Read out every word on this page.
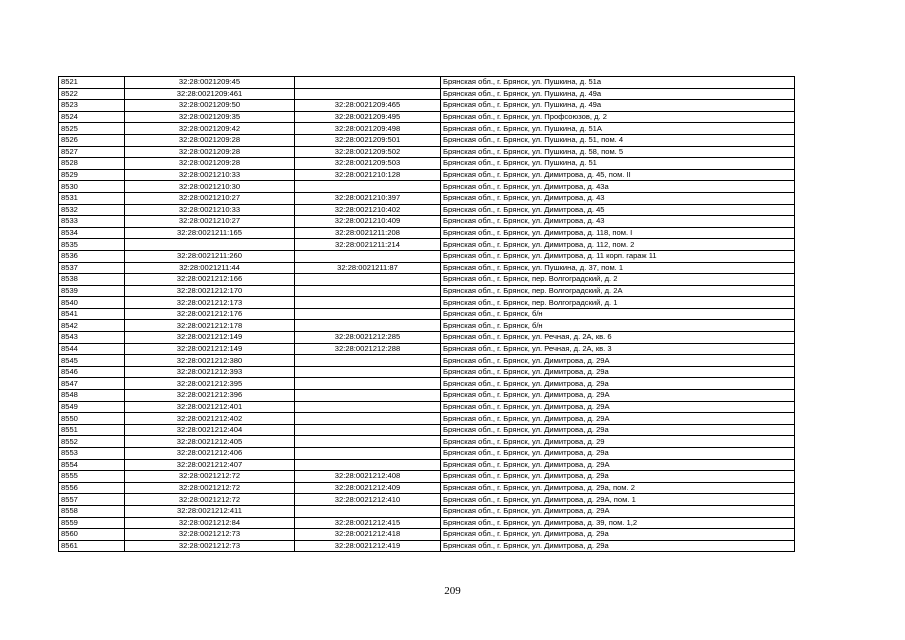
8521	32:28:0021209:45		Брянская обл., г. Брянск, ул. Пушкина, д. 51а
8522	32:28:0021209:461		Брянская обл., г. Брянск, ул. Пушкина, д. 49а
8523	32:28:0021209:50	32:28:0021209:465	Брянская обл., г. Брянск, ул. Пушкина, д. 49а
8524	32:28:0021209:35	32:28:0021209:495	Брянская обл., г. Брянск, ул. Профсоюзов, д. 2
8525	32:28:0021209:42	32:28:0021209:498	Брянская обл., г. Брянск, ул. Пушкина, д. 51А
8526	32:28:0021209:28	32:28:0021209:501	Брянская обл., г. Брянск, ул. Пушкина, д. 51, пом. 4
8527	32:28:0021209:28	32:28:0021209:502	Брянская обл., г. Брянск, ул. Пушкина, д. 58, пом. 5
8528	32:28:0021209:28	32:28:0021209:503	Брянская обл., г. Брянск, ул. Пушкина, д. 51
8529	32:28:0021210:33	32:28:0021210:128	Брянская обл., г. Брянск, ул. Димитрова, д. 45, пом. II
8530	32:28:0021210:30		Брянская обл., г. Брянск, ул. Димитрова, д. 43а
8531	32:28:0021210:27	32:28:0021210:397	Брянская обл., г. Брянск, ул. Димитрова, д. 43
8532	32:28:0021210:33	32:28:0021210:402	Брянская обл., г. Брянск, ул. Димитрова, д. 45
8533	32:28:0021210:27	32:28:0021210:409	Брянская обл., г. Брянск, ул. Димитрова, д. 43
8534	32:28:0021211:165	32:28:0021211:208	Брянская обл., г. Брянск, ул. Димитрова, д. 118, пом. I
8535		32:28:0021211:214	Брянская обл., г. Брянск, ул. Димитрова, д. 112, пом. 2
8536	32:28:0021211:260		Брянская обл., г. Брянск, ул. Димитрова, д. 11 корп. гараж 11
8537	32:28:0021211:44	32:28:0021211:87	Брянская обл., г. Брянск, ул. Пушкина, д. 37, пом. 1
8538	32:28:0021212:166		Брянская обл., г. Брянск, пер. Волгоградский, д. 2
8539	32:28:0021212:170		Брянская обл., г. Брянск, пер. Волгоградский, д. 2А
8540	32:28:0021212:173		Брянская обл., г. Брянск, пер. Волгоградский, д. 1
8541	32:28:0021212:176		Брянская обл., г. Брянск, б/н
8542	32:28:0021212:178		Брянская обл., г. Брянск, б/н
8543	32:28:0021212:149	32:28:0021212:285	Брянская обл., г. Брянск, ул. Речная, д. 2А, кв. 6
8544	32:28:0021212:149	32:28:0021212:288	Брянская обл., г. Брянск, ул. Речная, д. 2А, кв. 3
8545	32:28:0021212:380		Брянская обл., г. Брянск, ул. Димитрова, д. 29А
8546	32:28:0021212:393		Брянская обл., г. Брянск, ул. Димитрова, д. 29а
8547	32:28:0021212:395		Брянская обл., г. Брянск, ул. Димитрова, д. 29а
8548	32:28:0021212:396		Брянская обл., г. Брянск, ул. Димитрова, д. 29А
8549	32:28:0021212:401		Брянская обл., г. Брянск, ул. Димитрова, д. 29А
8550	32:28:0021212:402		Брянская обл., г. Брянск, ул. Димитрова, д. 29А
8551	32:28:0021212:404		Брянская обл., г. Брянск, ул. Димитрова, д. 29а
8552	32:28:0021212:405		Брянская обл., г. Брянск, ул. Димитрова, д. 29
8553	32:28:0021212:406		Брянская обл., г. Брянск, ул. Димитрова, д. 29а
8554	32:28:0021212:407		Брянская обл., г. Брянск, ул. Димитрова, д. 29А
8555	32:28:0021212:72	32:28:0021212:408	Брянская обл., г. Брянск, ул. Димитрова, д. 29а
8556	32:28:0021212:72	32:28:0021212:409	Брянская обл., г. Брянск, ул. Димитрова, д. 29а, пом. 2
8557	32:28:0021212:72	32:28:0021212:410	Брянская обл., г. Брянск, ул. Димитрова, д. 29А, пом. 1
8558	32:28:0021212:411		Брянская обл., г. Брянск, ул. Димитрова, д. 29А
8559	32:28:0021212:84	32:28:0021212:415	Брянская обл., г. Брянск, ул. Димитрова, д. 39, пом. 1,2
8560	32:28:0021212:73	32:28:0021212:418	Брянская обл., г. Брянск, ул. Димитрова, д. 29а
8561	32:28:0021212:73	32:28:0021212:419	Брянская обл., г. Брянск, ул. Димитрова, д. 29а
209
